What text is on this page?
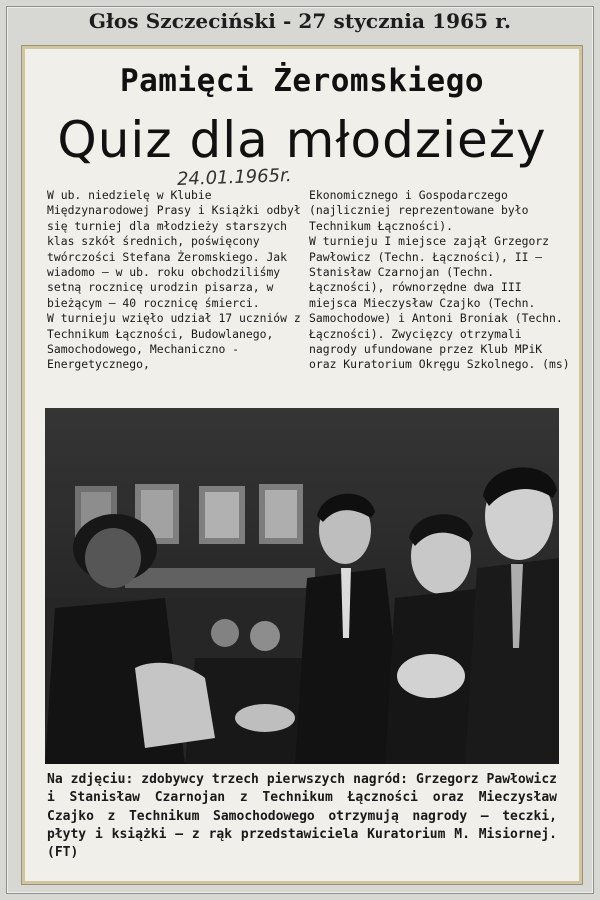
Głos Szczeciński - 27 stycznia 1965 r.
Pamięci Żeromskiego
Quiz dla młodzieży
24.01.1965r.

W ub. niedzielę w Klubie Międzynarodowej Prasy i Książki odbył się turniej dla młodzieży starszych klas szkół średnich, poświęcony twórczości Stefana Żeromskiego. Jak wiadomo — w ub. roku obchodziliśmy setną rocznicę urodzin pisarza, w bieżącym — 40 rocznicę śmierci.

W turnieju wzięło udział 17 uczniów z Technikum Łączności, Budowlanego, Samochodowego, Mechaniczno - Energetycznego,

Ekonomicznego i Gospodarczego (najliczniej reprezentowane było Technikum Łączności).

W turnieju I miejsce zajął Grzegorz Pawłowicz (Techn. Łączności), II — Stanisław Czarnojan (Techn. Łączności), równorzędne dwa III miejsca Mieczysław Czajko (Techn. Samochodowe) i Antoni Broniak (Techn. Łączności). Zwycięzcy otrzymali nagrody ufundowane przez Klub MPiK oraz Kuratorium Okręgu Szkolnego. (ms)

Na zdjęciu: zdobywcy trzech pierwszych nagród: Grzegorz Pawłowicz i Stanisław Czarnojan z Technikum Łączności oraz Mieczysław Czajko z Technikum Samochodowego otrzymują nagrody — teczki, płyty i książki — z rąk przedstawiciela Kuratorium M. Misiornej. (FT)
